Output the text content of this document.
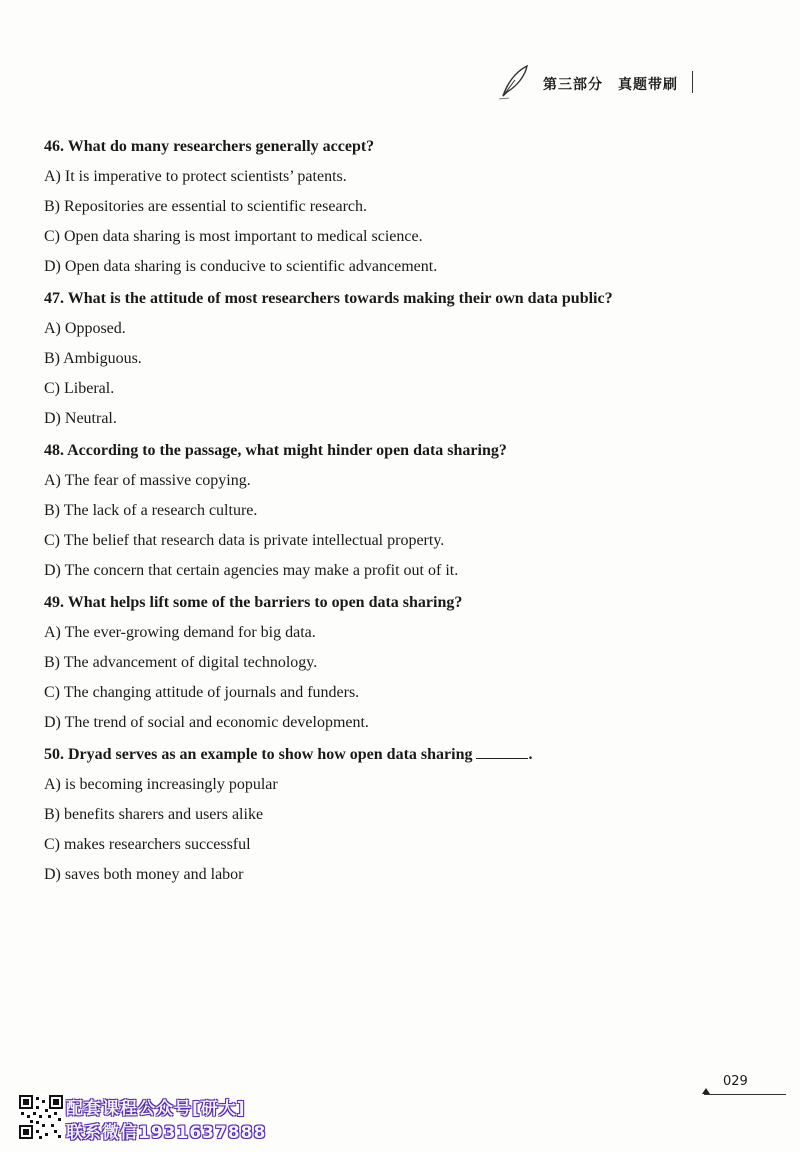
第三部分　真题带刷
46. What do many researchers generally accept?
A) It is imperative to protect scientists’ patents.
B) Repositories are essential to scientific research.
C) Open data sharing is most important to medical science.
D) Open data sharing is conducive to scientific advancement.
47. What is the attitude of most researchers towards making their own data public?
A) Opposed.
B) Ambiguous.
C) Liberal.
D) Neutral.
48. According to the passage, what might hinder open data sharing?
A) The fear of massive copying.
B) The lack of a research culture.
C) The belief that research data is private intellectual property.
D) The concern that certain agencies may make a profit out of it.
49. What helps lift some of the barriers to open data sharing?
A) The ever-growing demand for big data.
B) The advancement of digital technology.
C) The changing attitude of journals and funders.
D) The trend of social and economic development.
50. Dryad serves as an example to show how open data sharing	.
A) is becoming increasingly popular
B) benefits sharers and users alike
C) makes researchers successful
D) saves both money and labor
029
配套课程公众号[研大]
联系微信1931637888
